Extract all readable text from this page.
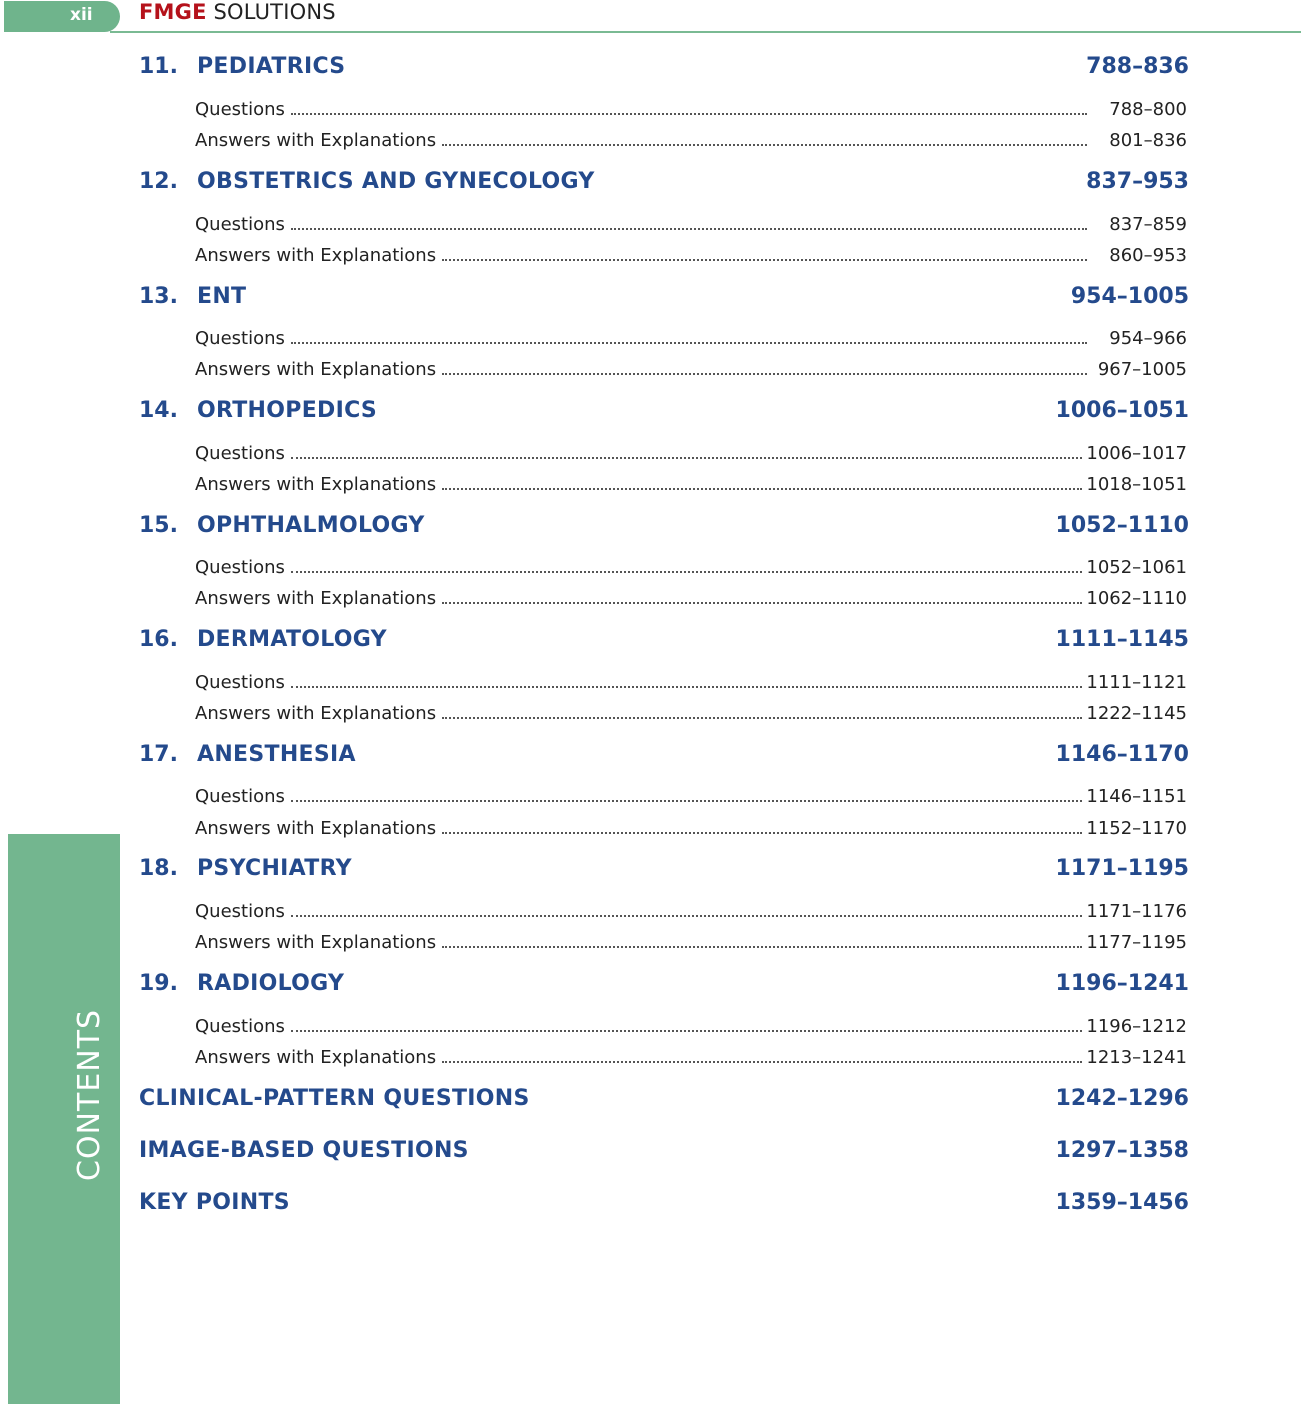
xii FMGE SOLUTIONS
CONTENTS
11. PEDIATRICS	788–836
Questions	788–800
Answers with Explanations	801–836
12. OBSTETRICS AND GYNECOLOGY	837–953
Questions	837–859
Answers with Explanations	860–953
13. ENT	954–1005
Questions	954–966
Answers with Explanations	967–1005
14. ORTHOPEDICS	1006–1051
Questions	1006–1017
Answers with Explanations	1018–1051
15. OPHTHALMOLOGY	1052–1110
Questions	1052–1061
Answers with Explanations	1062–1110
16. DERMATOLOGY	1111–1145
Questions	1111–1121
Answers with Explanations	1222–1145
17. ANESTHESIA	1146–1170
Questions	1146–1151
Answers with Explanations	1152–1170
18. PSYCHIATRY	1171–1195
Questions	1171–1176
Answers with Explanations	1177–1195
19. RADIOLOGY	1196–1241
Questions	1196–1212
Answers with Explanations	1213–1241
CLINICAL-PATTERN QUESTIONS	1242–1296
IMAGE-BASED QUESTIONS	1297–1358
KEY POINTS	1359–1456
